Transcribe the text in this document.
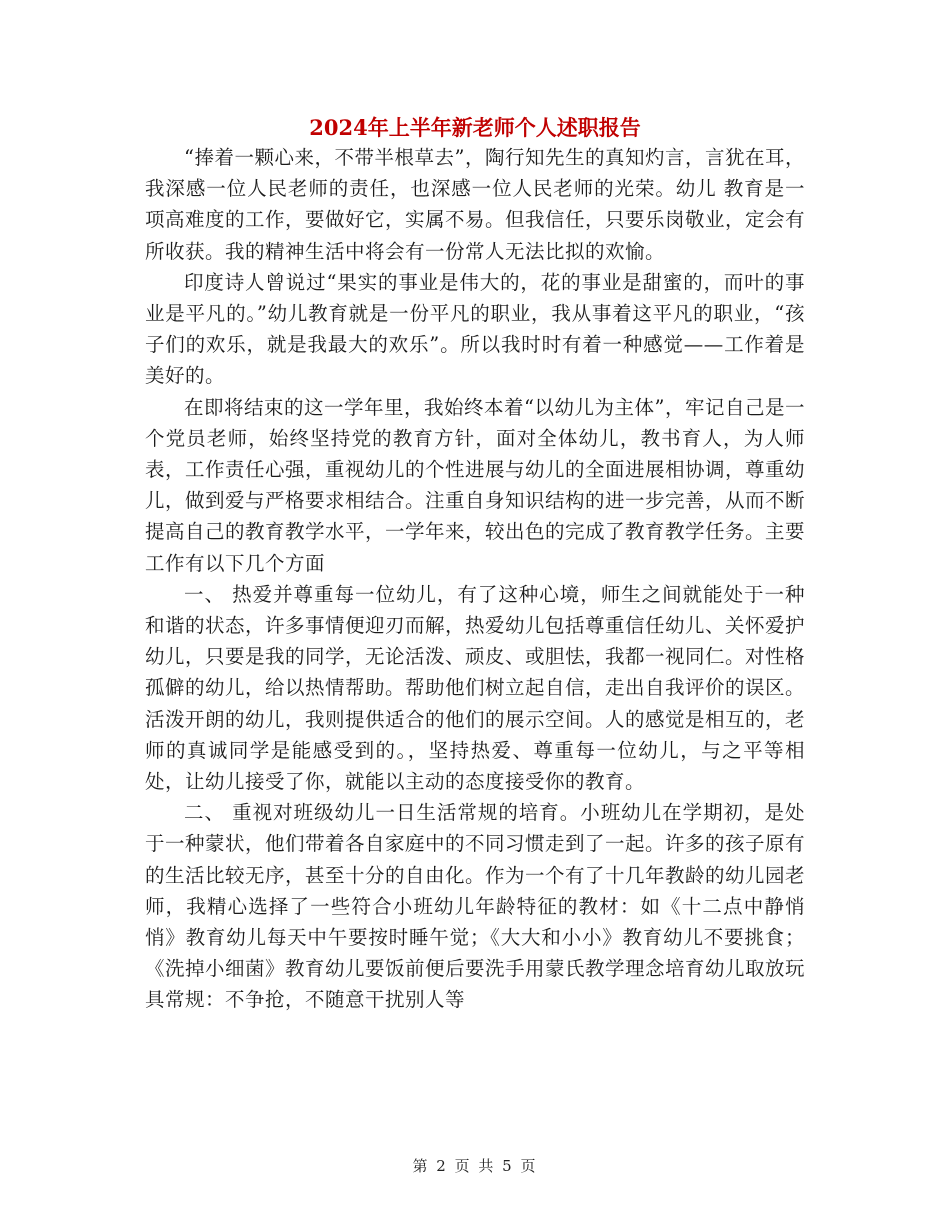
2024年上半年新老师个人述职报告

“捧着一颗心来，不带半根草去”，陶行知先生的真知灼言，言犹在耳，我深感一位人民老师的责任，也深感一位人民老师的光荣。幼儿 教育是一项高难度的工作，要做好它，实属不易。但我信任，只要乐岗敬业，定会有所收获。我的精神生活中将会有一份常人无法比拟的欢愉。

印度诗人曾说过“果实的事业是伟大的，花的事业是甜蜜的，而叶的事业是平凡的。”幼儿教育就是一份平凡的职业，我从事着这平凡的职业，“孩子们的欢乐，就是我最大的欢乐”。所以我时时有着一种感觉——工作着是美好的。

在即将结束的这一学年里，我始终本着“以幼儿为主体”，牢记自己是一个党员老师，始终坚持党的教育方针，面对全体幼儿，教书育人，为人师表，工作责任心强，重视幼儿的个性进展与幼儿的全面进展相协调，尊重幼儿，做到爱与严格要求相结合。注重自身知识结构的进一步完善，从而不断提高自己的教育教学水平，一学年来，较出色的完成了教育教学任务。主要工作有以下几个方面

一、 热爱并尊重每一位幼儿，有了这种心境，师生之间就能处于一种和谐的状态，许多事情便迎刃而解，热爱幼儿包括尊重信任幼儿、关怀爱护幼儿，只要是我的同学，无论活泼、顽皮、或胆怯，我都一视同仁。对性格孤僻的幼儿，给以热情帮助。帮助他们树立起自信，走出自我评价的误区。活泼开朗的幼儿，我则提供适合的他们的展示空间。人的感觉是相互的，老师的真诚同学是能感受到的。，坚持热爱、尊重每一位幼儿，与之平等相处，让幼儿接受了你，就能以主动的态度接受你的教育。

二、 重视对班级幼儿一日生活常规的培育。小班幼儿在学期初，是处于一种蒙状，他们带着各自家庭中的不同习惯走到了一起。许多的孩子原有的生活比较无序，甚至十分的自由化。作为一个有了十几年教龄的幼儿园老师，我精心选择了一些符合小班幼儿年龄特征的教材：如《十二点中静悄悄》教育幼儿每天中午要按时睡午觉；《大大和小小》教育幼儿不要挑食；《洗掉小细菌》教育幼儿要饭前便后要洗手用蒙氏教学理念培育幼儿取放玩具常规：不争抢，不随意干扰别人等

第 2 页 共 5 页
